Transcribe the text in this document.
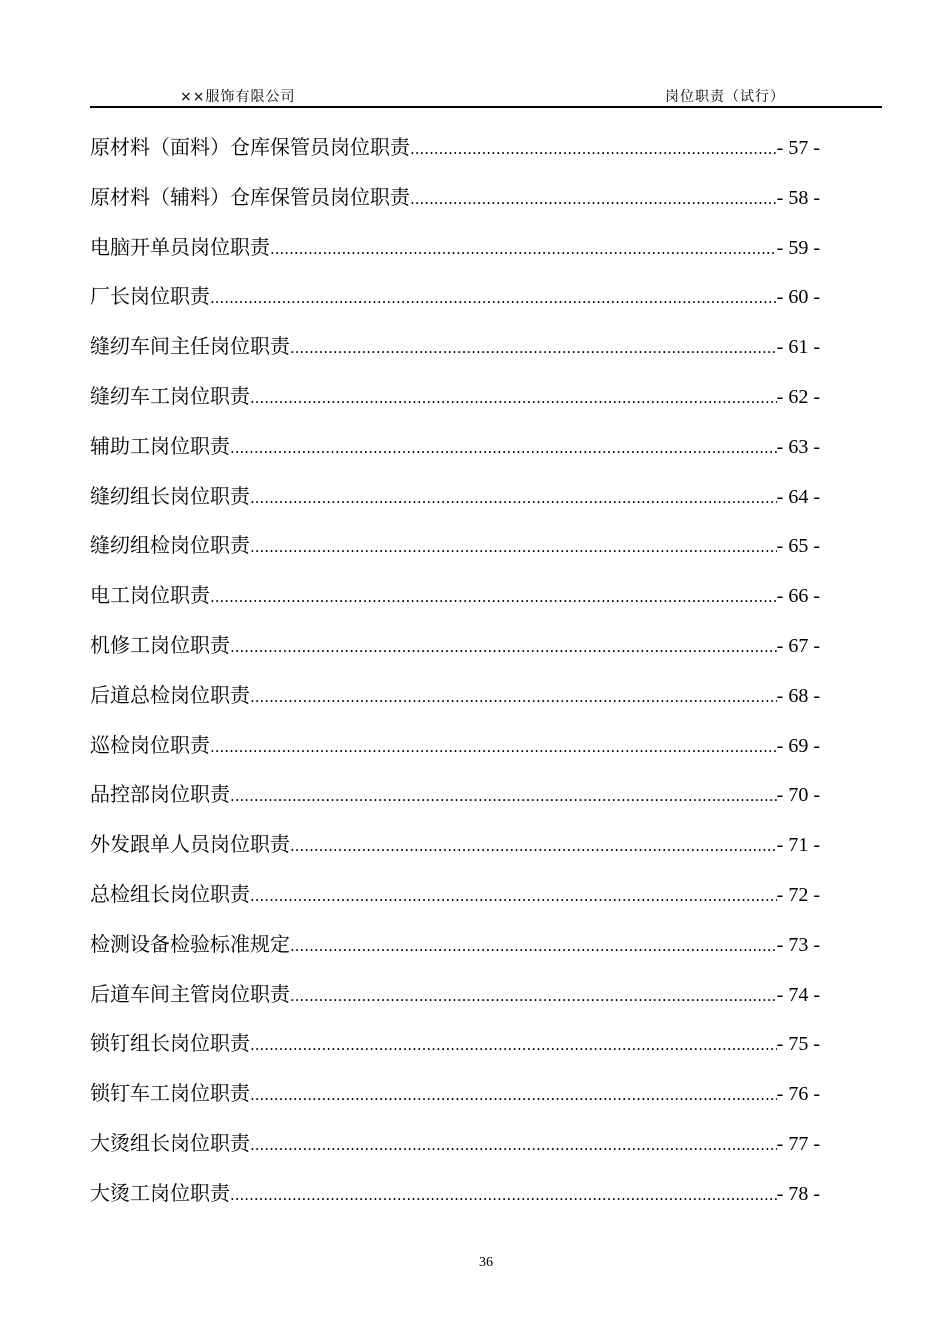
××服饰有限公司	岗位职责（试行）
原材料（面料）仓库保管员岗位职责 .....	- 57 -
原材料（辅料）仓库保管员岗位职责 .....	- 58 -
电脑开单员岗位职责 .....	- 59 -
厂长岗位职责 .....	- 60 -
缝纫车间主任岗位职责 .....	- 61 -
缝纫车工岗位职责 .....	- 62 -
辅助工岗位职责 .....	- 63 -
缝纫组长岗位职责 .....	- 64 -
缝纫组检岗位职责 .....	- 65 -
电工岗位职责 .....	- 66 -
机修工岗位职责 .....	- 67 -
后道总检岗位职责 .....	- 68 -
巡检岗位职责 .....	- 69 -
品控部岗位职责 .....	- 70 -
外发跟单人员岗位职责 .....	- 71 -
总检组长岗位职责 .....	- 72 -
检测设备检验标准规定 .....	- 73 -
后道车间主管岗位职责 .....	- 74 -
锁钉组长岗位职责 .....	- 75 -
锁钉车工岗位职责 .....	- 76 -
大烫组长岗位职责 .....	- 77 -
大烫工岗位职责 .....	- 78 -
36
